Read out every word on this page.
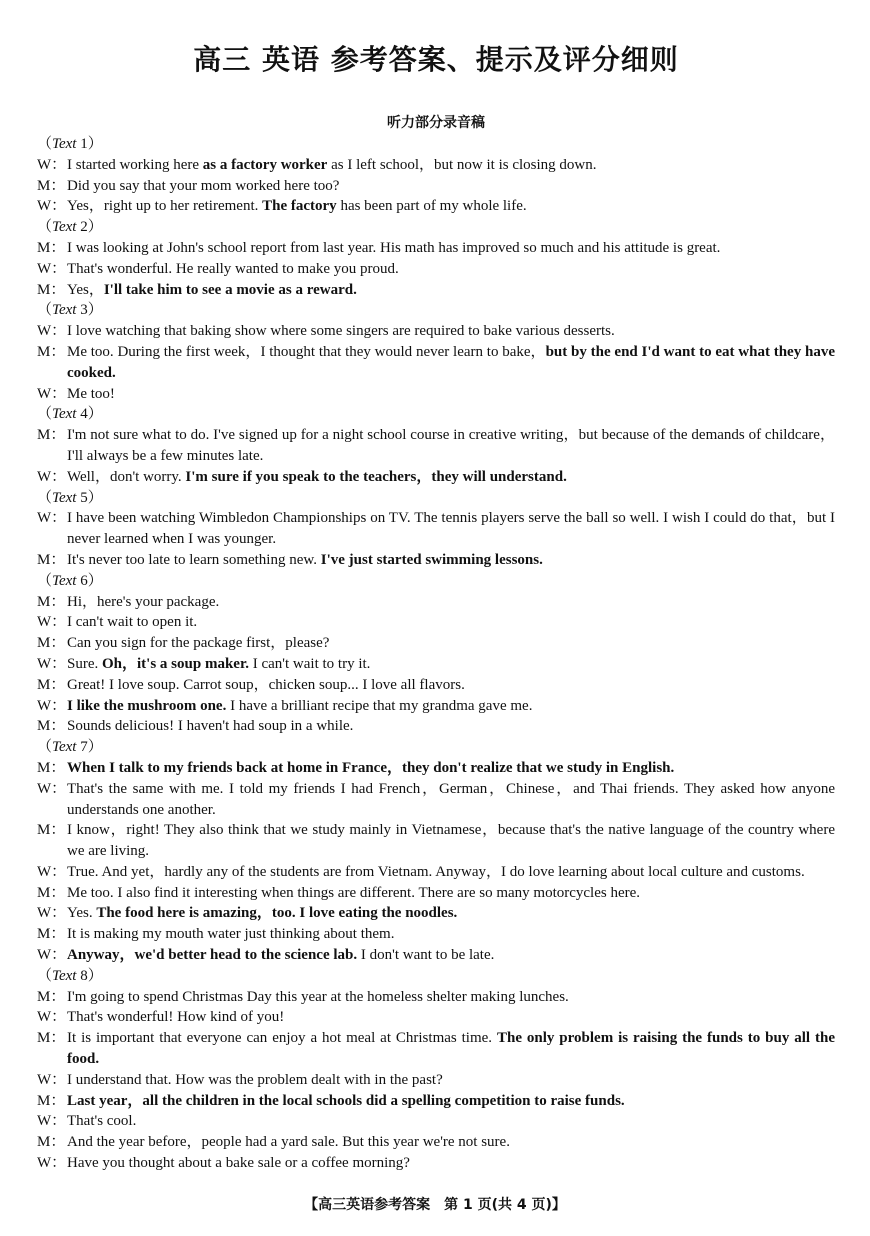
高三 英语 参考答案、提示及评分细则
听力部分录音稿
（Text 1）
W：I started working here as a factory worker as I left school，but now it is closing down.
M： Did you say that your mom worked here too?
W：Yes，right up to her retirement. The factory has been part of my whole life.
（Text 2）
M： I was looking at John's school report from last year. His math has improved so much and his attitude is great.
W：That's wonderful. He really wanted to make you proud.
M： Yes，I'll take him to see a movie as a reward.
（Text 3）
W：I love watching that baking show where some singers are required to bake various desserts.
M： Me too. During the first week，I thought that they would never learn to bake，but by the end I'd want to eat what they have cooked.
W：Me too!
（Text 4）
M： I'm not sure what to do. I've signed up for a night school course in creative writing，but because of the demands of childcare，I'll always be a few minutes late.
W：Well，don't worry. I'm sure if you speak to the teachers，they will understand.
（Text 5）
W：I have been watching Wimbledon Championships on TV. The tennis players serve the ball so well. I wish I could do that，but I never learned when I was younger.
M： It's never too late to learn something new. I've just started swimming lessons.
（Text 6）
M： Hi，here's your package.
W：I can't wait to open it.
M： Can you sign for the package first，please?
W：Sure. Oh，it's a soup maker. I can't wait to try it.
M： Great! I love soup. Carrot soup，chicken soup... I love all flavors.
W：I like the mushroom one. I have a brilliant recipe that my grandma gave me.
M： Sounds delicious! I haven't had soup in a while.
（Text 7）
M： When I talk to my friends back at home in France，they don't realize that we study in English.
W：That's the same with me. I told my friends I had French，German，Chinese，and Thai friends. They asked how anyone understands one another.
M： I know，right! They also think that we study mainly in Vietnamese，because that's the native language of the country where we are living.
W：True. And yet，hardly any of the students are from Vietnam. Anyway，I do love learning about local culture and customs.
M： Me too. I also find it interesting when things are different. There are so many motorcycles here.
W：Yes. The food here is amazing，too. I love eating the noodles.
M： It is making my mouth water just thinking about them.
W：Anyway，we'd better head to the science lab. I don't want to be late.
（Text 8）
M： I'm going to spend Christmas Day this year at the homeless shelter making lunches.
W：That's wonderful! How kind of you!
M： It is important that everyone can enjoy a hot meal at Christmas time. The only problem is raising the funds to buy all the food.
W：I understand that. How was the problem dealt with in the past?
M： Last year，all the children in the local schools did a spelling competition to raise funds.
W：That's cool.
M： And the year before，people had a yard sale. But this year we're not sure.
W：Have you thought about a bake sale or a coffee morning?
【高三英语参考答案　第 1 页(共 4 页)】
